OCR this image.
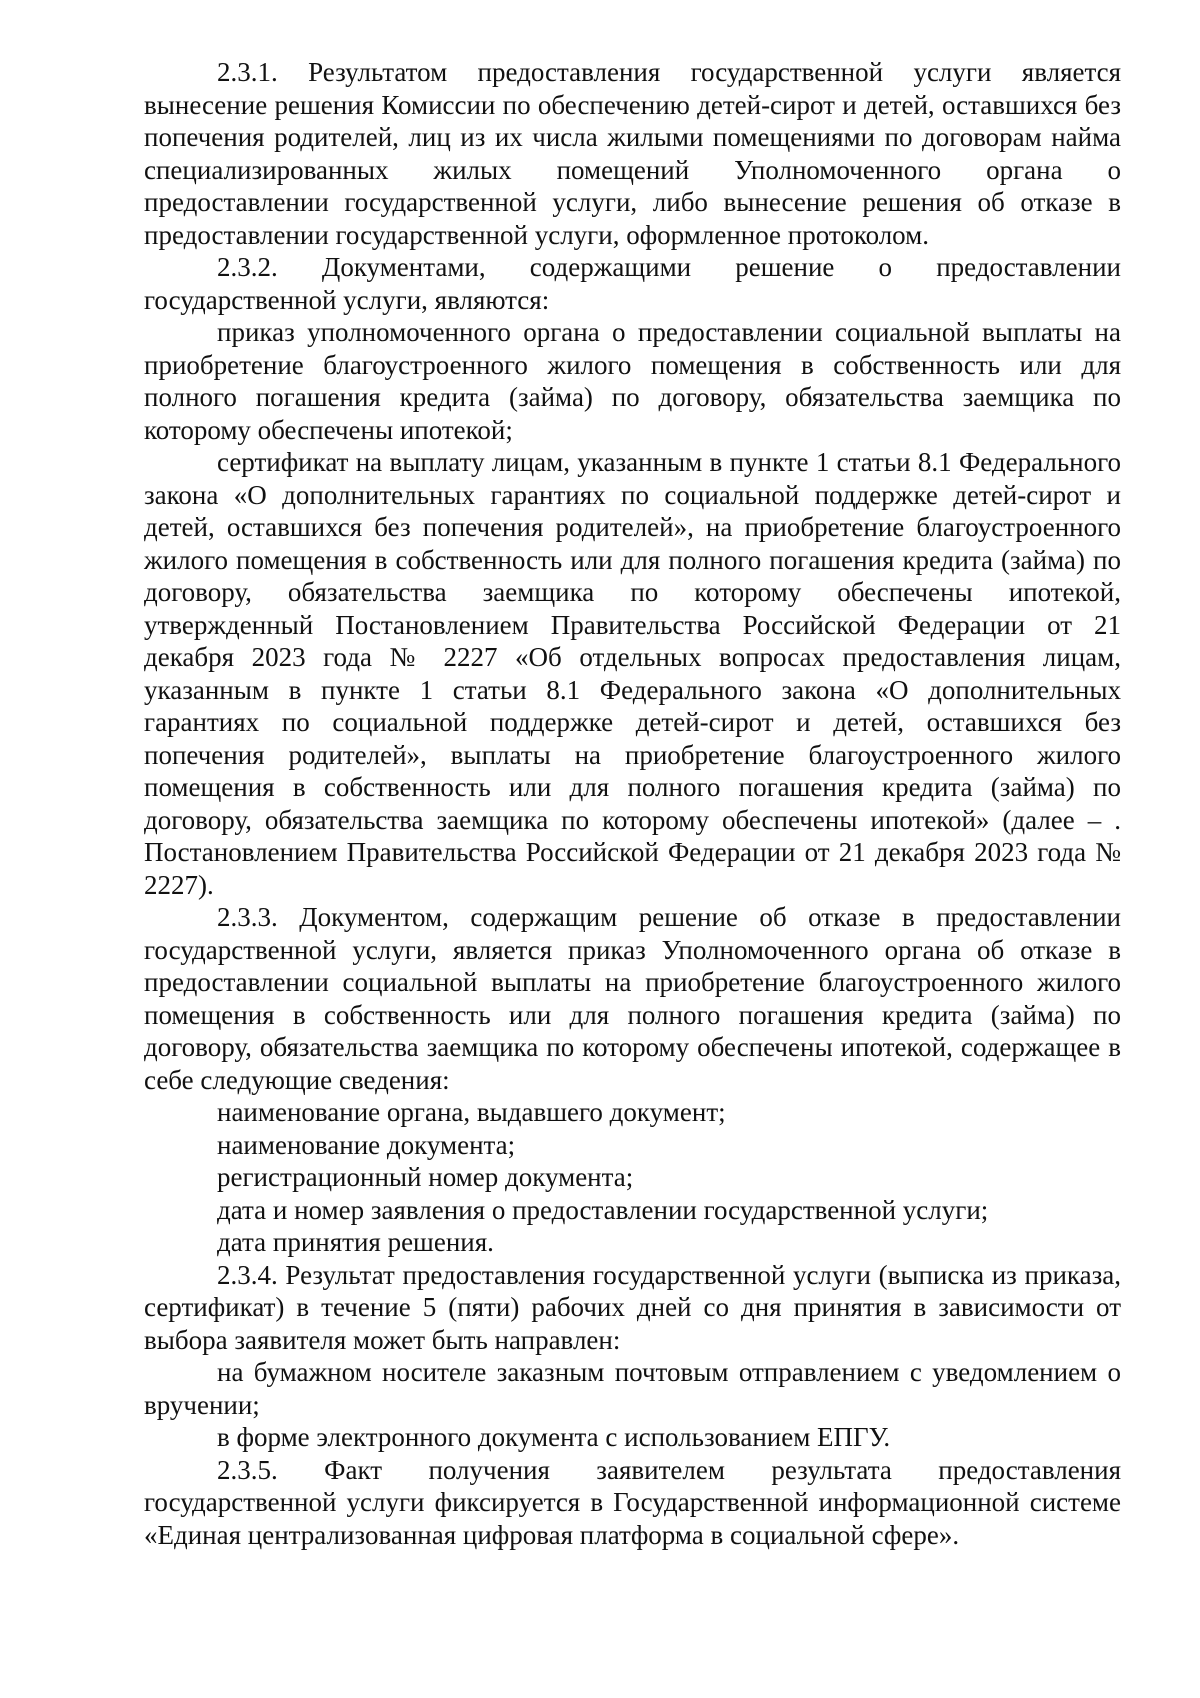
2.3.1. Результатом предоставления государственной услуги является вынесение решения Комиссии по обеспечению детей-сирот и детей, оставшихся без попечения родителей, лиц из их числа жилыми помещениями по договорам найма специализированных жилых помещений Уполномоченного органа о предоставлении государственной услуги, либо вынесение решения об отказе в предоставлении государственной услуги, оформленное протоколом.

2.3.2. Документами, содержащими решение о предоставлении государственной услуги, являются:

приказ уполномоченного органа о предоставлении социальной выплаты на приобретение благоустроенного жилого помещения в собственность или для полного погашения кредита (займа) по договору, обязательства заемщика по которому обеспечены ипотекой;

сертификат на выплату лицам, указанным в пункте 1 статьи 8.1 Федерального закона «О дополнительных гарантиях по социальной поддержке детей-сирот и детей, оставшихся без попечения родителей», на приобретение благоустроенного жилого помещения в собственность или для полного погашения кредита (займа) по договору, обязательства заемщика по которому обеспечены ипотекой, утвержденный Постановлением Правительства Российской Федерации от 21 декабря 2023 года № 2227 «Об отдельных вопросах предоставления лицам, указанным в пункте 1 статьи 8.1 Федерального закона «О дополнительных гарантиях по социальной поддержке детей-сирот и детей, оставшихся без попечения родителей», выплаты на приобретение благоустроенного жилого помещения в собственность или для полного погашения кредита (займа) по договору, обязательства заемщика по которому обеспечены ипотекой» (далее – . Постановлением Правительства Российской Федерации от 21 декабря 2023 года № 2227).

2.3.3. Документом, содержащим решение об отказе в предоставлении государственной услуги, является приказ Уполномоченного органа об отказе в предоставлении социальной выплаты на приобретение благоустроенного жилого помещения в собственность или для полного погашения кредита (займа) по договору, обязательства заемщика по которому обеспечены ипотекой, содержащее в себе следующие сведения:

наименование органа, выдавшего документ;

наименование документа;

регистрационный номер документа;

дата и номер заявления о предоставлении государственной услуги;

дата принятия решения.

2.3.4. Результат предоставления государственной услуги (выписка из приказа, сертификат) в течение 5 (пяти) рабочих дней со дня принятия в зависимости от выбора заявителя может быть направлен:

на бумажном носителе заказным почтовым отправлением с уведомлением о вручении;

в форме электронного документа с использованием ЕПГУ.

2.3.5. Факт получения заявителем результата предоставления государственной услуги фиксируется в Государственной информационной системе «Единая централизованная цифровая платформа в социальной сфере».
